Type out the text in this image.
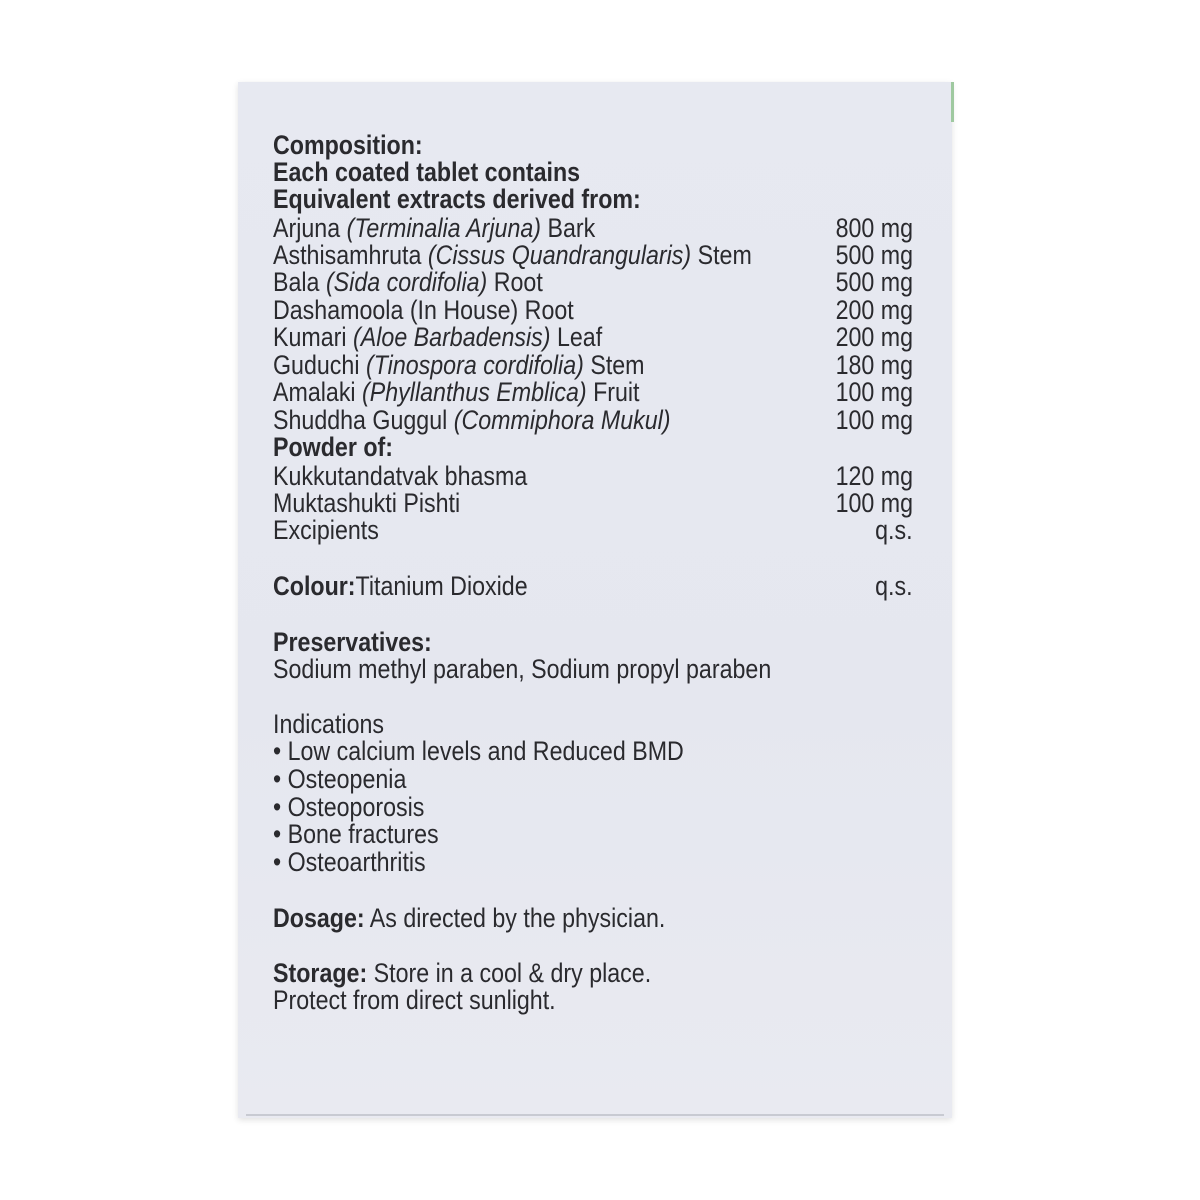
Composition:
Each coated tablet contains
Equivalent extracts derived from:
Arjuna (Terminalia Arjuna) Bark	800 mg
Asthisamhruta (Cissus Quandrangularis) Stem	500 mg
Bala (Sida cordifolia) Root	500 mg
Dashamoola (In House) Root	200 mg
Kumari (Aloe Barbadensis) Leaf	200 mg
Guduchi (Tinospora cordifolia) Stem	180 mg
Amalaki (Phyllanthus Emblica) Fruit	100 mg
Shuddha Guggul (Commiphora Mukul)	100 mg
Powder of:
Kukkutandatvak bhasma	120 mg
Muktashukti Pishti	100 mg
Excipients	q.s.
Colour:Titanium Dioxide	q.s.
Preservatives:
Sodium methyl paraben, Sodium propyl paraben
Indications
• Low calcium levels and Reduced BMD
• Osteopenia
• Osteoporosis
• Bone fractures
• Osteoarthritis
Dosage: As directed by the physician.
Storage: Store in a cool & dry place.
Protect from direct sunlight.
